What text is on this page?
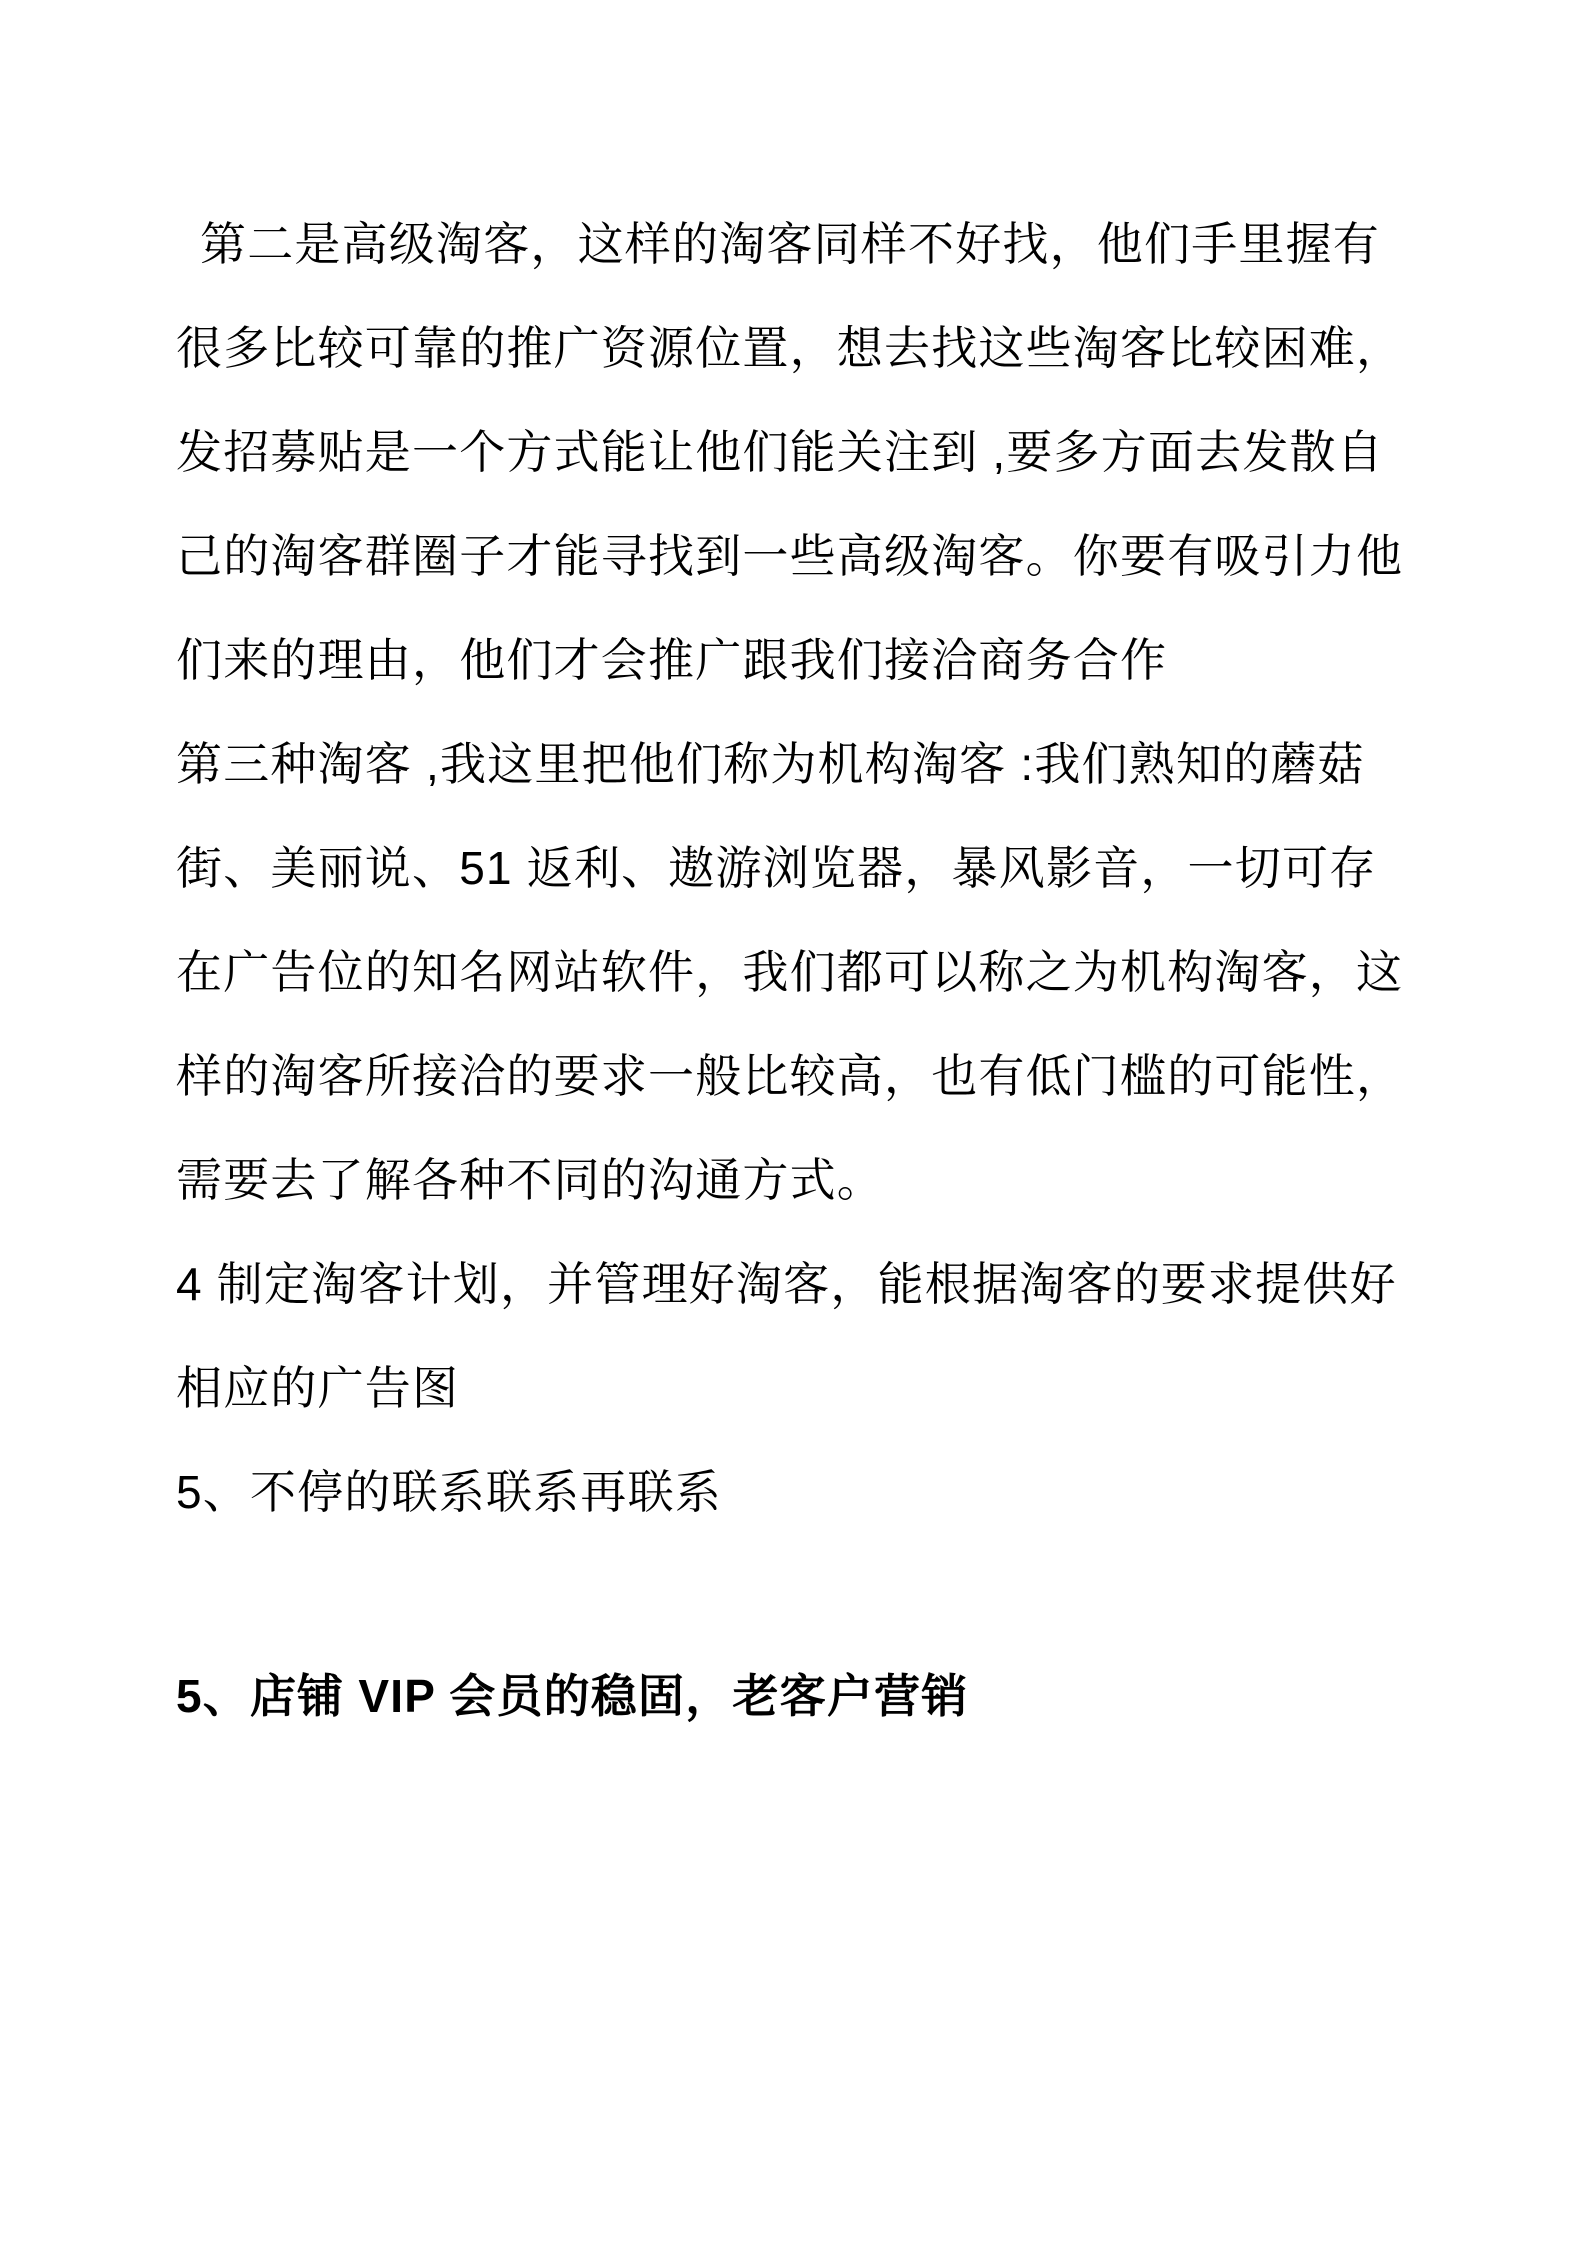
第二是高级淘客，这样的淘客同样不好找，他们手里握有
很多比较可靠的推广资源位置，想去找这些淘客比较困难，
发招募贴是一个方式能让他们能关注到 ,要多方面去发散自
己的淘客群圈子才能寻找到一些高级淘客。你要有吸引力他
们来的理由，他们才会推广跟我们接洽商务合作
第三种淘客 ,我这里把他们称为机构淘客 :我们熟知的蘑菇
街、美丽说、51 返利、遨游浏览器，暴风影音，一切可存
在广告位的知名网站软件，我们都可以称之为机构淘客，这
样的淘客所接洽的要求一般比较高，也有低门槛的可能性，
需要去了解各种不同的沟通方式。
4 制定淘客计划，并管理好淘客，能根据淘客的要求提供好
相应的广告图
5、不停的联系联系再联系
5、店铺 VIP 会员的稳固，老客户营销
